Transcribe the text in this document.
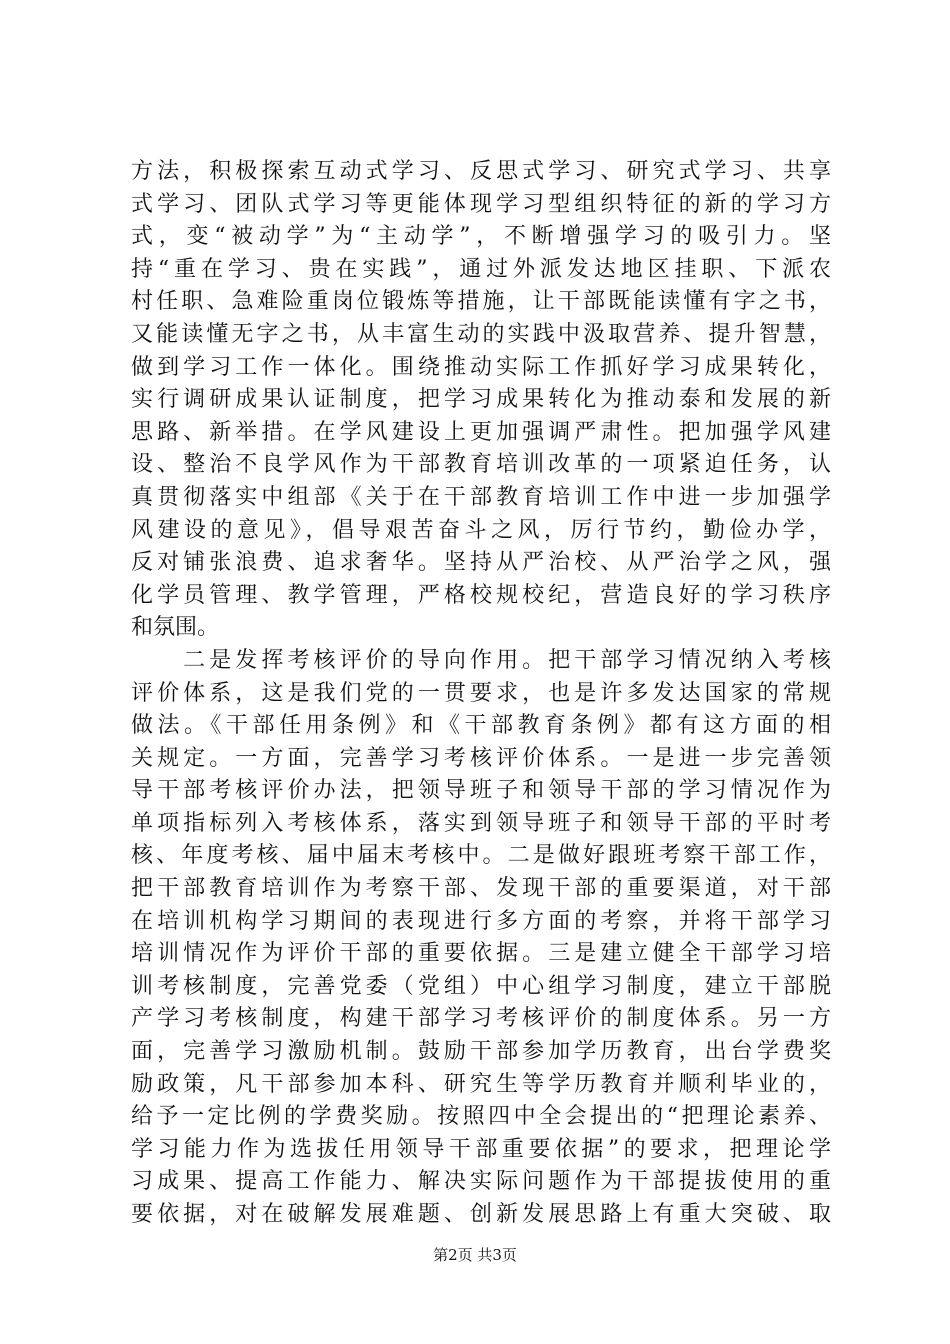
方法，积极探索互动式学习、反思式学习、研究式学习、共享
式学习、团队式学习等更能体现学习型组织特征的新的学习方
式，变“被动学”为“主动学”，不断增强学习的吸引力。坚
持“重在学习、贵在实践”，通过外派发达地区挂职、下派农
村任职、急难险重岗位锻炼等措施，让干部既能读懂有字之书，
又能读懂无字之书，从丰富生动的实践中汲取营养、提升智慧，
做到学习工作一体化。围绕推动实际工作抓好学习成果转化，
实行调研成果认证制度，把学习成果转化为推动泰和发展的新
思路、新举措。在学风建设上更加强调严肃性。把加强学风建
设、整治不良学风作为干部教育培训改革的一项紧迫任务，认
真贯彻落实中组部《关于在干部教育培训工作中进一步加强学
风建设的意见》，倡导艰苦奋斗之风，厉行节约，勤俭办学，
反对铺张浪费、追求奢华。坚持从严治校、从严治学之风，强
化学员管理、教学管理，严格校规校纪，营造良好的学习秩序
和氛围。
　　二是发挥考核评价的导向作用。把干部学习情况纳入考核
评价体系，这是我们党的一贯要求，也是许多发达国家的常规
做法。《干部任用条例》和《干部教育条例》都有这方面的相
关规定。一方面，完善学习考核评价体系。一是进一步完善领
导干部考核评价办法，把领导班子和领导干部的学习情况作为
单项指标列入考核体系，落实到领导班子和领导干部的平时考
核、年度考核、届中届末考核中。二是做好跟班考察干部工作，
把干部教育培训作为考察干部、发现干部的重要渠道，对干部
在培训机构学习期间的表现进行多方面的考察，并将干部学习
培训情况作为评价干部的重要依据。三是建立健全干部学习培
训考核制度，完善党委（党组）中心组学习制度，建立干部脱
产学习考核制度，构建干部学习考核评价的制度体系。另一方
面，完善学习激励机制。鼓励干部参加学历教育，出台学费奖
励政策，凡干部参加本科、研究生等学历教育并顺利毕业的，
给予一定比例的学费奖励。按照四中全会提出的“把理论素养、
学习能力作为选拔任用领导干部重要依据”的要求，把理论学
习成果、提高工作能力、解决实际问题作为干部提拔使用的重
要依据，对在破解发展难题、创新发展思路上有重大突破、取
第2页 共3页
